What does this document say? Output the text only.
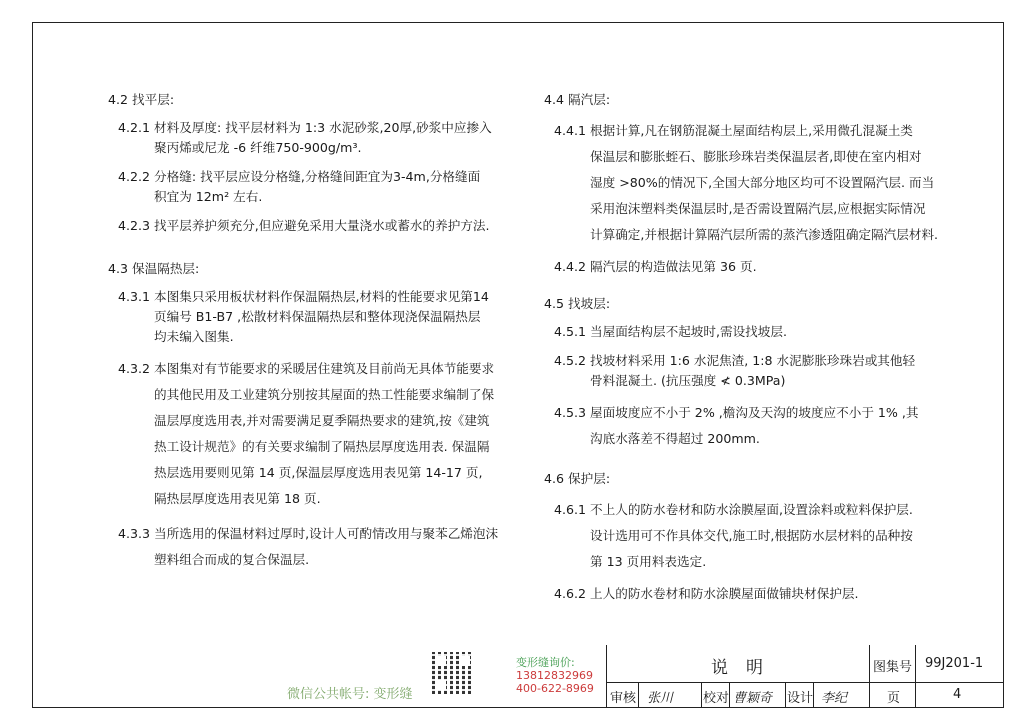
4.2 找平层:
4.2.1 材料及厚度: 找平层材料为 1:3 水泥砂浆,20厚,砂浆中应掺入
聚丙烯或尼龙 -6 纤维750-900g/m³.
4.2.2 分格缝: 找平层应设分格缝,分格缝间距宜为3-4m,分格缝面
积宜为 12m² 左右.
4.2.3 找平层养护须充分,但应避免采用大量浇水或蓄水的养护方法.
4.3 保温隔热层:
4.3.1 本图集只采用板状材料作保温隔热层,材料的性能要求见第14
页编号 B1-B7 ,松散材料保温隔热层和整体现浇保温隔热层
均未编入图集.
4.3.2 本图集对有节能要求的采暖居住建筑及目前尚无具体节能要求
的其他民用及工业建筑分别按其屋面的热工性能要求编制了保
温层厚度选用表,并对需要满足夏季隔热要求的建筑,按《建筑
热工设计规范》的有关要求编制了隔热层厚度选用表. 保温隔
热层选用要则见第 14 页,保温层厚度选用表见第 14-17 页,
隔热层厚度选用表见第 18 页.
4.3.3 当所选用的保温材料过厚时,设计人可酌情改用与聚苯乙烯泡沫
塑料组合而成的复合保温层.
4.4 隔汽层:
4.4.1 根据计算,凡在钢筋混凝土屋面结构层上,采用微孔混凝土类
保温层和膨胀蛭石、膨胀珍珠岩类保温层者,即使在室内相对
湿度 >80%的情况下,全国大部分地区均可不设置隔汽层. 而当
采用泡沫塑料类保温层时,是否需设置隔汽层,应根据实际情况
计算确定,并根据计算隔汽层所需的蒸汽渗透阻确定隔汽层材料.
4.4.2 隔汽层的构造做法见第 36 页.
4.5 找坡层:
4.5.1 当屋面结构层不起坡时,需设找坡层.
4.5.2 找坡材料采用 1:6 水泥焦渣, 1:8 水泥膨胀珍珠岩或其他轻
骨料混凝土. (抗压强度 ≮ 0.3MPa)
4.5.3 屋面坡度应不小于 2% ,檐沟及天沟的坡度应不小于 1% ,其
沟底水落差不得超过 200mm.
4.6 保护层:
4.6.1 不上人的防水卷材和防水涂膜屋面,设置涂料或粒料保护层.
设计选用可不作具体交代,施工时,根据防水层材料的品种按
第 13 页用料表选定.
4.6.2 上人的防水卷材和防水涂膜屋面做铺块材保护层.
微信公共帐号: 变形缝
变形缝询价:
13812832969
400-622-8969
说明	图集号 99J201-1
审核 张川 校对 曹颖奇 设计 李纪	页	4
